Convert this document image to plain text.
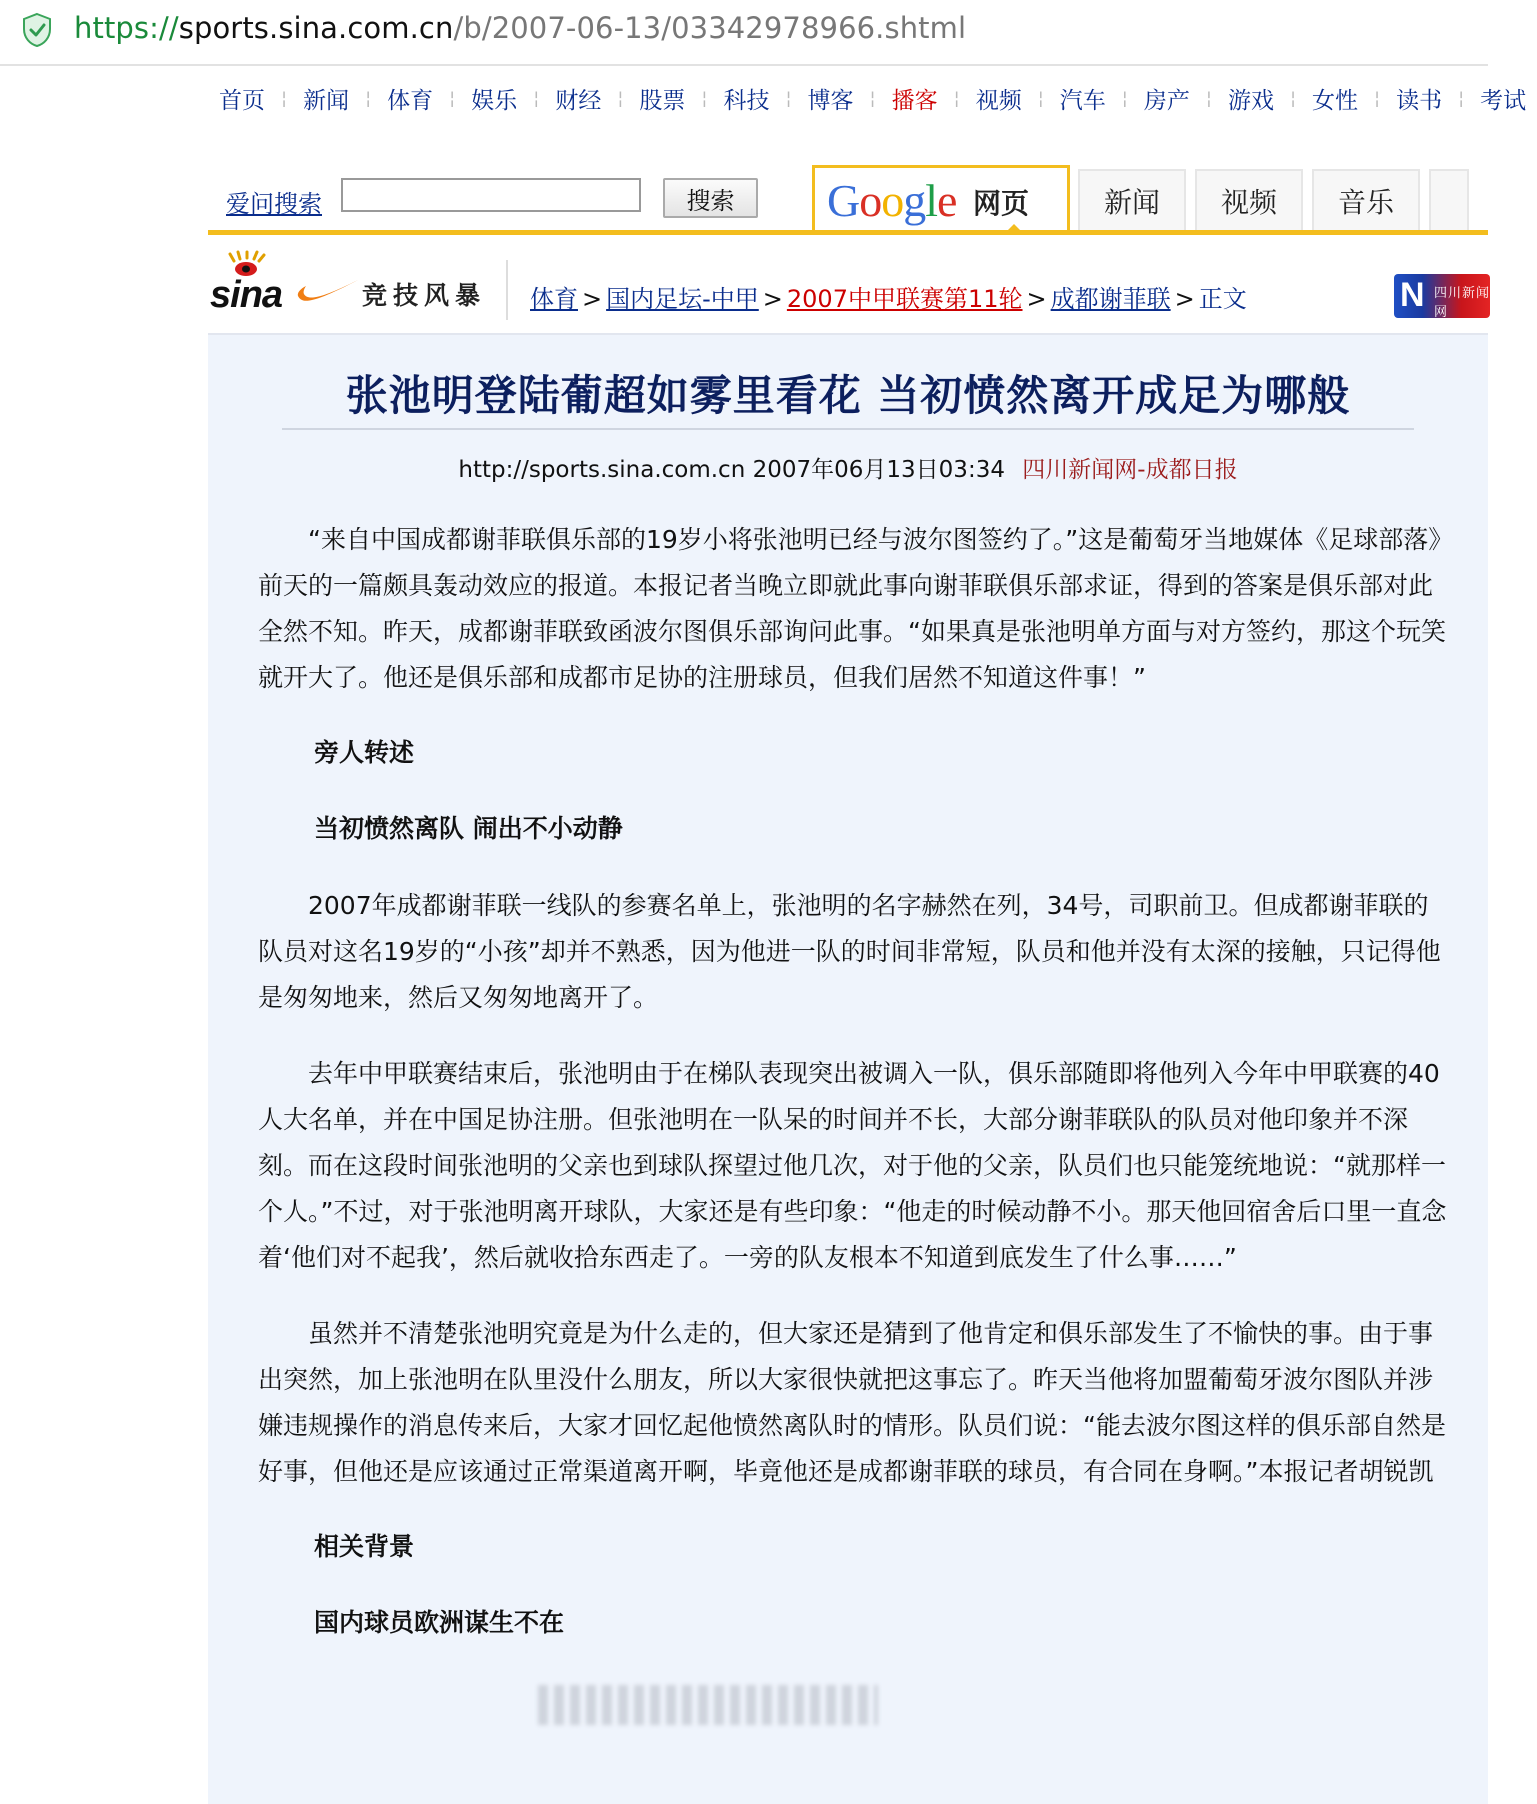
https://sports.sina.com.cn/b/2007-06-13/03342978966.shtml
首页 ¦ 新闻 ¦ 体育 ¦ 娱乐 ¦ 财经 ¦ 股票 ¦ 科技 ¦ 博客 ¦ 播客 ¦ 视频 ¦ 汽车 ¦ 房产 ¦ 游戏 ¦ 女性 ¦ 读书 ¦ 考试
爱问搜索	搜索	Google 网页	新闻	视频	音乐
sina	竞技风暴 体育 > 国内足坛-中甲 > 2007中甲联赛第11轮 > 成都谢菲联 > 正文	N 四川新闻网
张池明登陆葡超如雾里看花 当初愤然离开成足为哪般
http://sports.sina.com.cn 2007年06月13日03:34 四川新闻网-成都日报

“来自中国成都谢菲联俱乐部的19岁小将张池明已经与波尔图签约了。”这是葡萄牙当地媒体《足球部落》前天的一篇颇具轰动效应的报道。本报记者当晚立即就此事向谢菲联俱乐部求证，得到的答案是俱乐部对此全然不知。昨天，成都谢菲联致函波尔图俱乐部询问此事。“如果真是张池明单方面与对方签约，那这个玩笑就开大了。他还是俱乐部和成都市足协的注册球员，但我们居然不知道这件事！”

旁人转述
当初愤然离队 闹出不小动静

2007年成都谢菲联一线队的参赛名单上，张池明的名字赫然在列，34号，司职前卫。但成都谢菲联的队员对这名19岁的“小孩”却并不熟悉，因为他进一队的时间非常短，队员和他并没有太深的接触，只记得他是匆匆地来，然后又匆匆地离开了。

去年中甲联赛结束后，张池明由于在梯队表现突出被调入一队，俱乐部随即将他列入今年中甲联赛的40人大名单，并在中国足协注册。但张池明在一队呆的时间并不长，大部分谢菲联队的队员对他印象并不深刻。而在这段时间张池明的父亲也到球队探望过他几次，对于他的父亲，队员们也只能笼统地说：“就那样一个人。”不过，对于张池明离开球队，大家还是有些印象：“他走的时候动静不小。那天他回宿舍后口里一直念着‘他们对不起我’，然后就收拾东西走了。一旁的队友根本不知道到底发生了什么事……”

虽然并不清楚张池明究竟是为什么走的，但大家还是猜到了他肯定和俱乐部发生了不愉快的事。由于事出突然，加上张池明在队里没什么朋友，所以大家很快就把这事忘了。昨天当他将加盟葡萄牙波尔图队并涉嫌违规操作的消息传来后，大家才回忆起他愤然离队时的情形。队员们说：“能去波尔图这样的俱乐部自然是好事，但他还是应该通过正常渠道离开啊，毕竟他还是成都谢菲联的球员，有合同在身啊。”本报记者胡锐凯

相关背景
国内球员欧洲谋生不在
